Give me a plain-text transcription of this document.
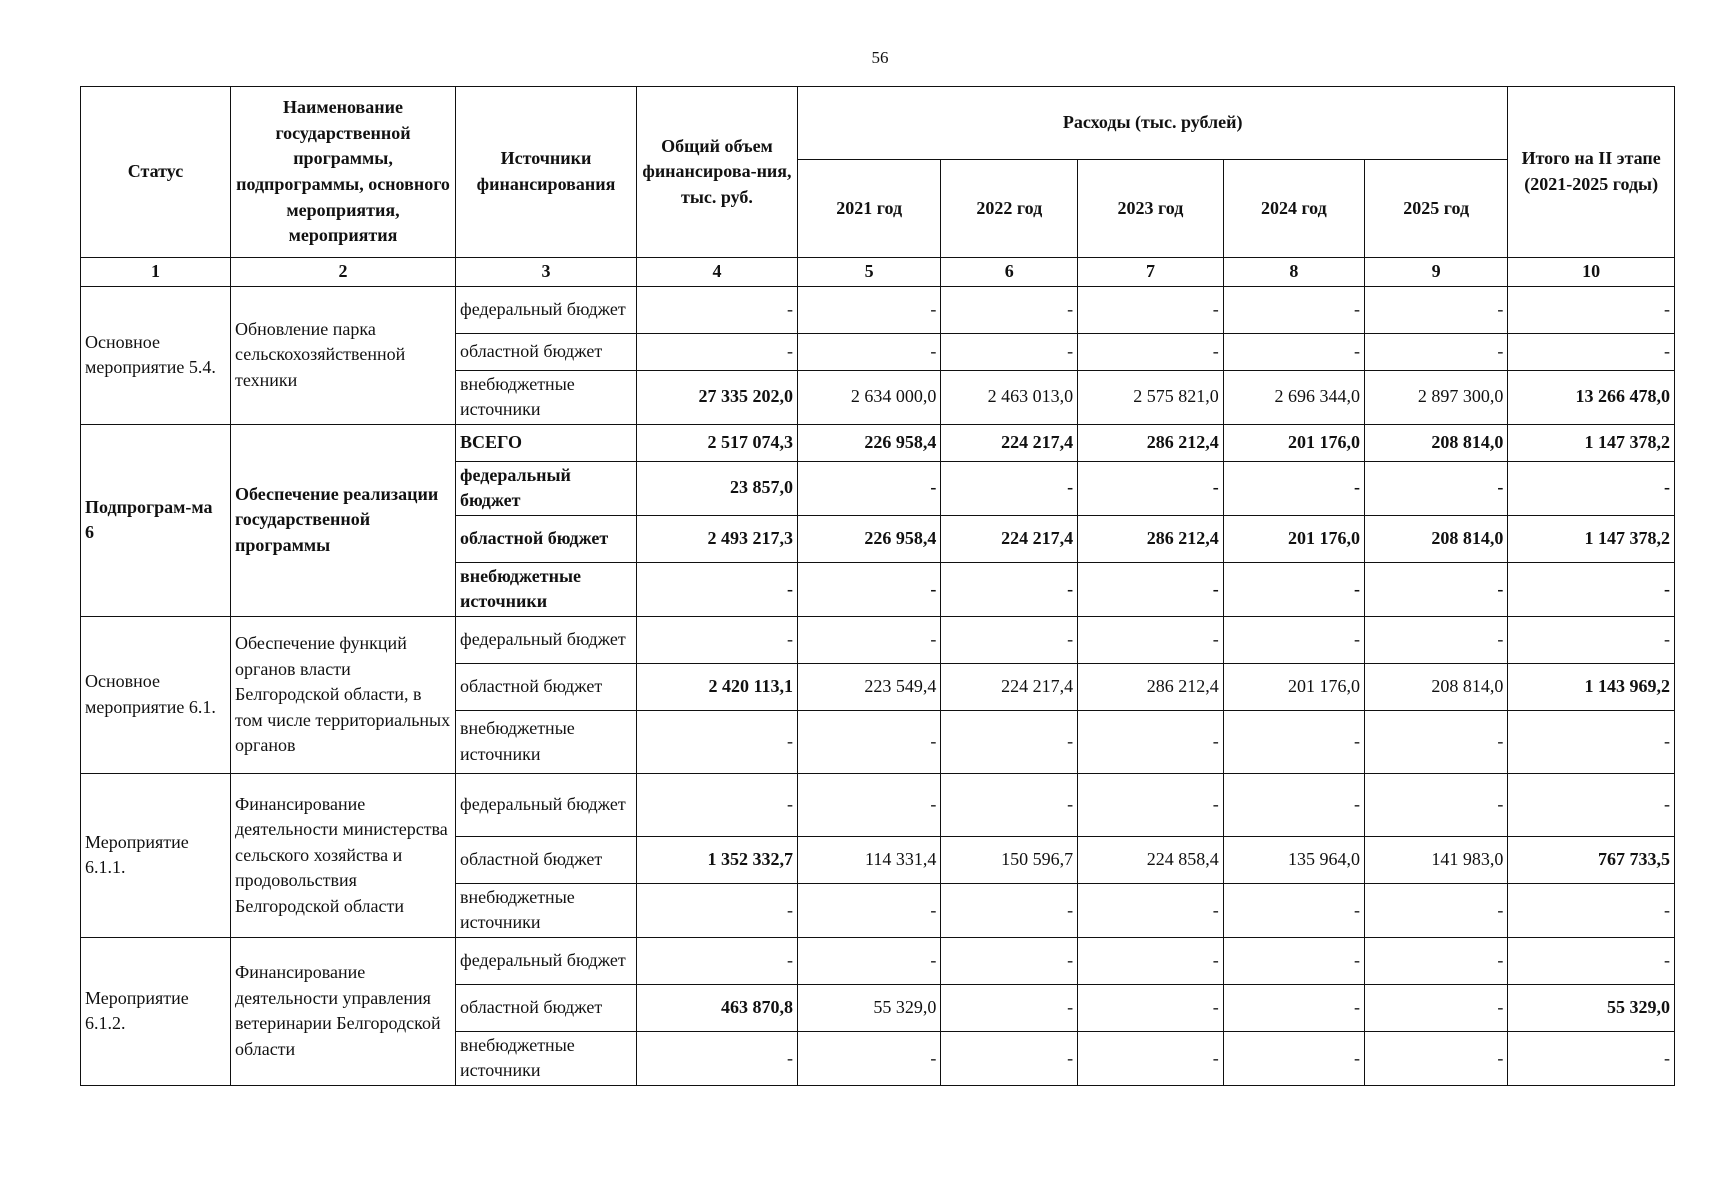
56
Статус	Наименование государственной программы, подпрограммы, основного мероприятия, мероприятия	Источники финансирования	Общий объем финансирова-ния, тыс. руб.	Расходы (тыс. рублей)					Итого на II этапе (2021-2025 годы)
				2021 год	2022 год	2023 год	2024 год	2025 год	
1	2	3	4	5	6	7	8	9	10
Основное мероприятие 5.4.	Обновление парка сельскохозяйственной техники	федеральный бюджет	-	-	-	-	-	-	-
		областной бюджет	-	-	-	-	-	-	-
		внебюджетные источники	27 335 202,0	2 634 000,0	2 463 013,0	2 575 821,0	2 696 344,0	2 897 300,0	13 266 478,0
Подпрограм-ма 6	Обеспечение реализации государственной программы	ВСЕГО	2 517 074,3	226 958,4	224 217,4	286 212,4	201 176,0	208 814,0	1 147 378,2
		федеральный бюджет	23 857,0	-	-	-	-	-	-
		областной бюджет	2 493 217,3	226 958,4	224 217,4	286 212,4	201 176,0	208 814,0	1 147 378,2
		внебюджетные источники	-	-	-	-	-	-	-
Основное мероприятие 6.1.	Обеспечение функций органов власти Белгородской области, в том числе территориальных органов	федеральный бюджет	-	-	-	-	-	-	-
		областной бюджет	2 420 113,1	223 549,4	224 217,4	286 212,4	201 176,0	208 814,0	1 143 969,2
		внебюджетные источники	-	-	-	-	-	-	-
Мероприятие 6.1.1.	Финансирование деятельности министерства сельского хозяйства и продовольствия Белгородской области	федеральный бюджет	-	-	-	-	-	-	-
		областной бюджет	1 352 332,7	114 331,4	150 596,7	224 858,4	135 964,0	141 983,0	767 733,5
		внебюджетные источники	-	-	-	-	-	-	-
Мероприятие 6.1.2.	Финансирование деятельности управления ветеринарии Белгородской области	федеральный бюджет	-	-	-	-	-	-	-
		областной бюджет	463 870,8	55 329,0	-	-	-	-	55 329,0
		внебюджетные источники	-	-	-	-	-	-	-
